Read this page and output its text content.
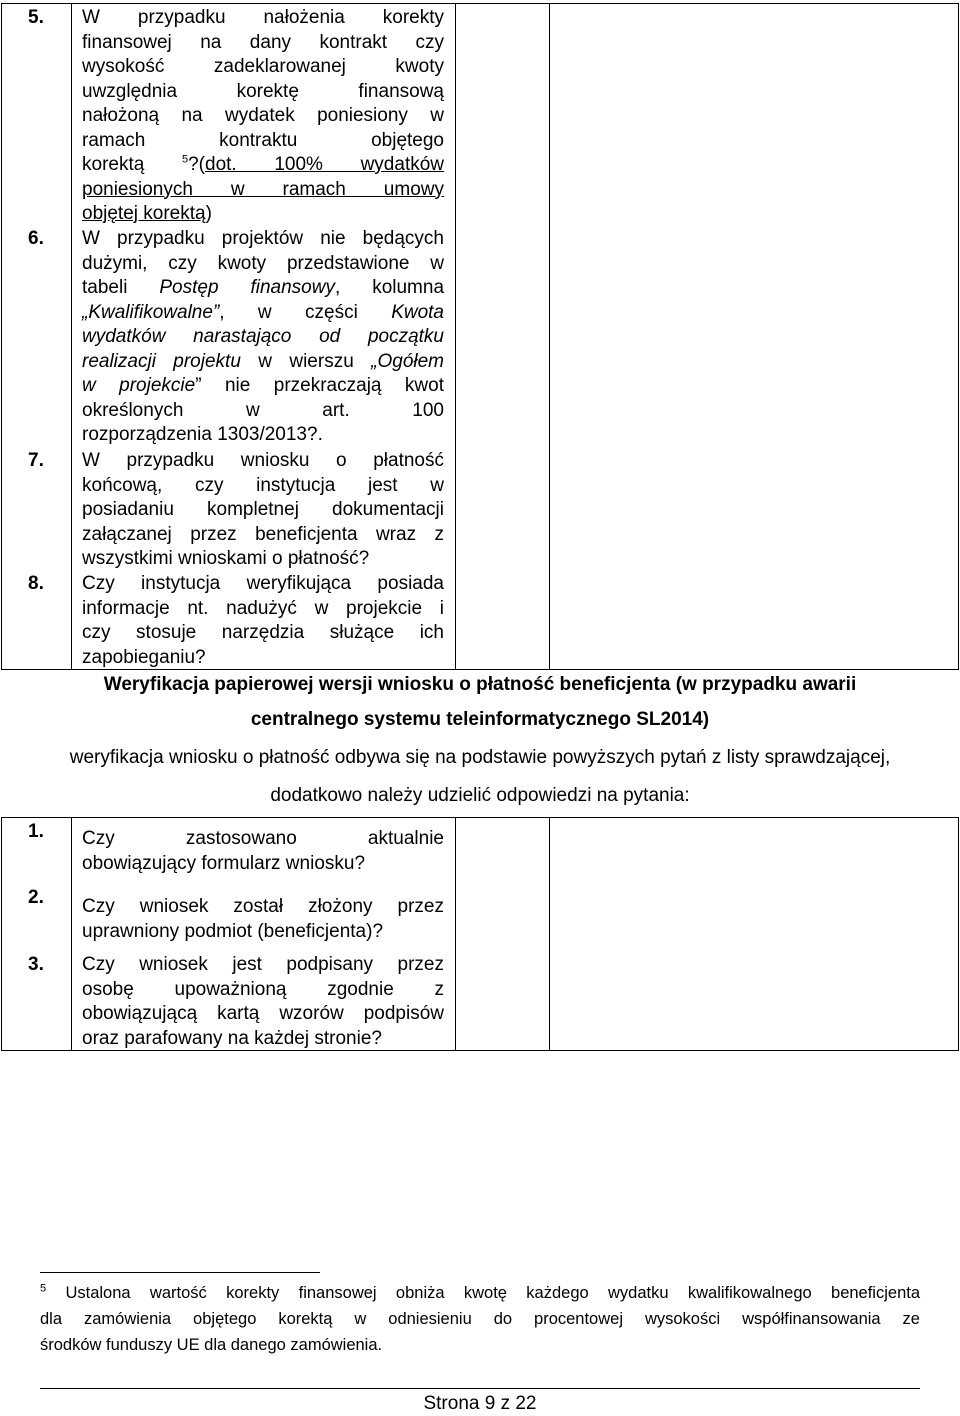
5. W przypadku nałożenia korekty
finansowej na dany kontrakt czy
wysokość zadeklarowanej kwoty
uwzględnia korektę finansową
nałożoną na wydatek poniesiony w
ramach kontraktu objętego
korektą $^5$?(dot. 100% wydatków
poniesionych w ramach umowy
objętej korektą)
6. W przypadku projektów nie będących
dużymi, czy kwoty przedstawione w
tabeli Postęp finansowy, kolumna
„Kwalifikowalne”, w części Kwota
wydatków narastająco od początku
realizacji projektu w wierszu „Ogółem
w projekcie” nie przekraczają kwot
określonych w art. 100
rozporządzenia 1303/2013?.
7. W przypadku wniosku o płatność
końcową, czy instytucja jest w
posiadaniu kompletnej dokumentacji
załączanej przez beneficjenta wraz z
wszystkimi wnioskami o płatność?
8. Czy instytucja weryfikująca posiada
informacje nt. nadużyć w projekcie i
czy stosuje narzędzia służące ich
zapobieganiu?
Weryfikacja papierowej wersji wniosku o płatność beneficjenta (w przypadku awarii
centralnego systemu teleinformatycznego SL2014)
weryfikacja wniosku o płatność odbywa się na podstawie powyższych pytań z listy sprawdzającej,
dodatkowo należy udzielić odpowiedzi na pytania:
1. Czy zastosowano aktualnie
obowiązujący formularz wniosku?
2. Czy wniosek został złożony przez
uprawniony podmiot (beneficjenta)?
3. Czy wniosek jest podpisany przez
osobę upoważnioną zgodnie z
obowiązującą kartą wzorów podpisów
oraz parafowany na każdej stronie?
$^5$ Ustalona wartość korekty finansowej obniża kwotę każdego wydatku kwalifikowalnego beneficjenta
dla zamówienia objętego korektą w odniesieniu do procentowej wysokości współfinansowania ze
środków funduszy UE dla danego zamówienia.
Strona 9 z 22
